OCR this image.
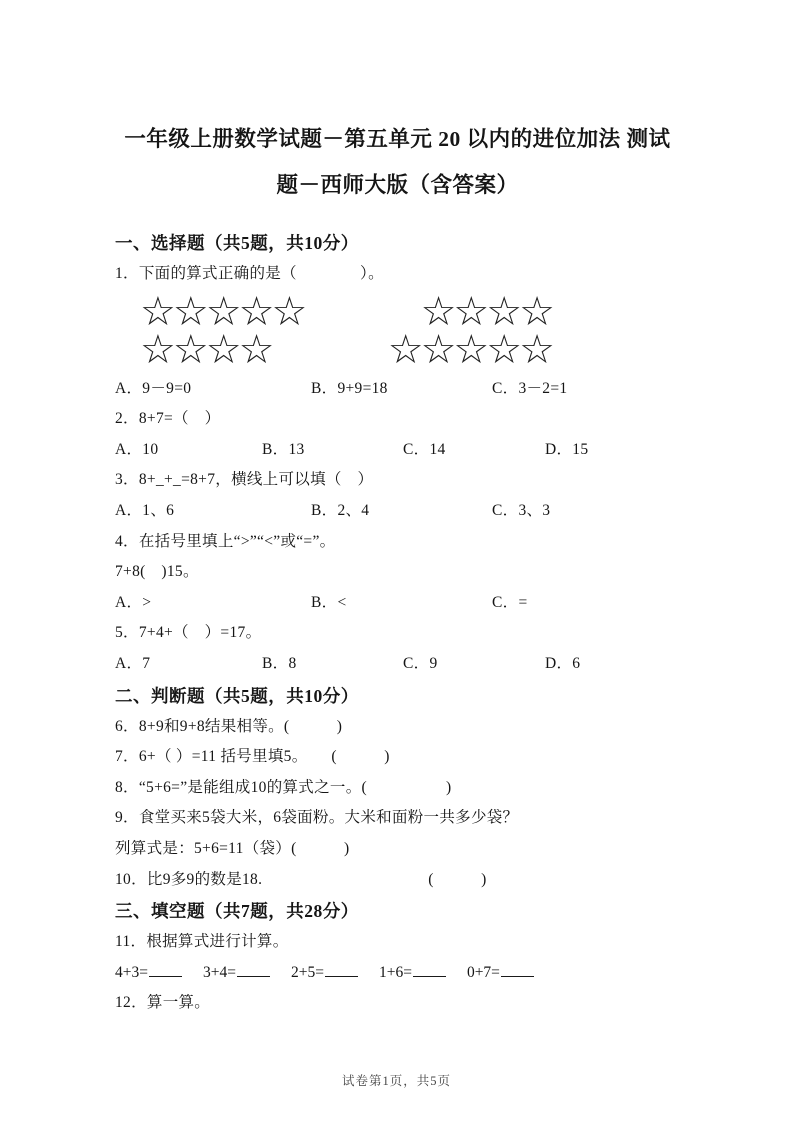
一年级上册数学试题－第五单元 20 以内的进位加法 测试
题－西师大版（含答案）
一、选择题（共5题，共10分）

1．下面的算式正确的是（　　　　）。

☆☆☆☆☆
☆☆☆☆
☆☆☆☆
☆☆☆☆☆
A．9－9=0	B．9+9=18	C．3－2=1

2．8+7=（　）

A．10	B．13	C．14	D．15

3．8+_+_=8+7，横线上可以填（　）

A．1、6	B．2、4	C．3、3

4．在括号里填上“>”“<”或“=”。

7+8(　)15。

A．>	B．<	C．=

5．7+4+（　）=17。

A．7	B．8	C．9	D．6
二、判断题（共5题，共10分）

6．8+9和9+8结果相等。(　　　)

7．6+（ ）=11 括号里填5。　　(　　　)

8．“5+6=”是能组成10的算式之一。(　　　　　)

9．食堂买来5袋大米，6袋面粉。大米和面粉一共多少袋？

列算式是：5+6=11（袋）(　　　)

10．比9多9的数是18.	(　　　)
三、填空题（共7题，共28分）

11．根据算式进行计算。

4+3=	3+4=	2+5=	1+6=	0+7=

12．算一算。

试卷第1页，共5页
